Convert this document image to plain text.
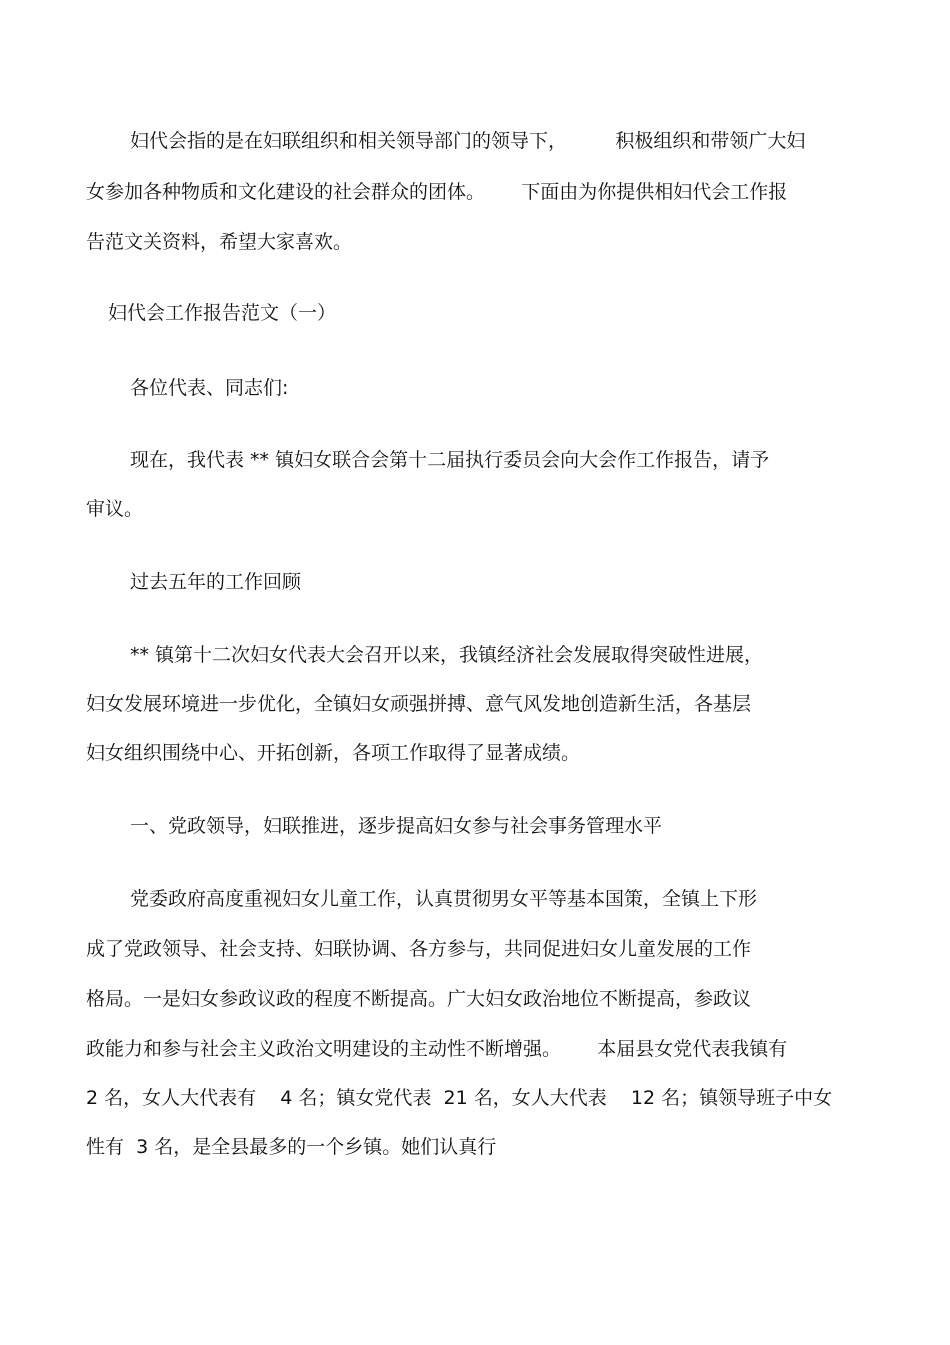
妇代会指的是在妇联组织和相关领导部门的领导下，        积极组织和带领广大妇
女参加各种物质和文化建设的社会群众的团体。      下面由为你提供相妇代会工作报
告范文关资料，希望大家喜欢。
妇代会工作报告范文（一）
各位代表、同志们:
现在，我代表 ** 镇妇女联合会第十二届执行委员会向大会作工作报告，请予
审议。
过去五年的工作回顾
** 镇第十二次妇女代表大会召开以来，我镇经济社会发展取得突破性进展，
妇女发展环境进一步优化，全镇妇女顽强拼搏、意气风发地创造新生活，各基层
妇女组织围绕中心、开拓创新，各项工作取得了显著成绩。
一、党政领导，妇联推进，逐步提高妇女参与社会事务管理水平
党委政府高度重视妇女儿童工作，认真贯彻男女平等基本国策，全镇上下形
成了党政领导、社会支持、妇联协调、各方参与，共同促进妇女儿童发展的工作
格局。一是妇女参政议政的程度不断提高。广大妇女政治地位不断提高，参政议
政能力和参与社会主义政治文明建设的主动性不断增强。      本届县女党代表我镇有
2 名，女人大代表有    4 名；镇女党代表  21 名，女人大代表    12 名；镇领导班子中女
性有  3 名，是全县最多的一个乡镇。她们认真行
